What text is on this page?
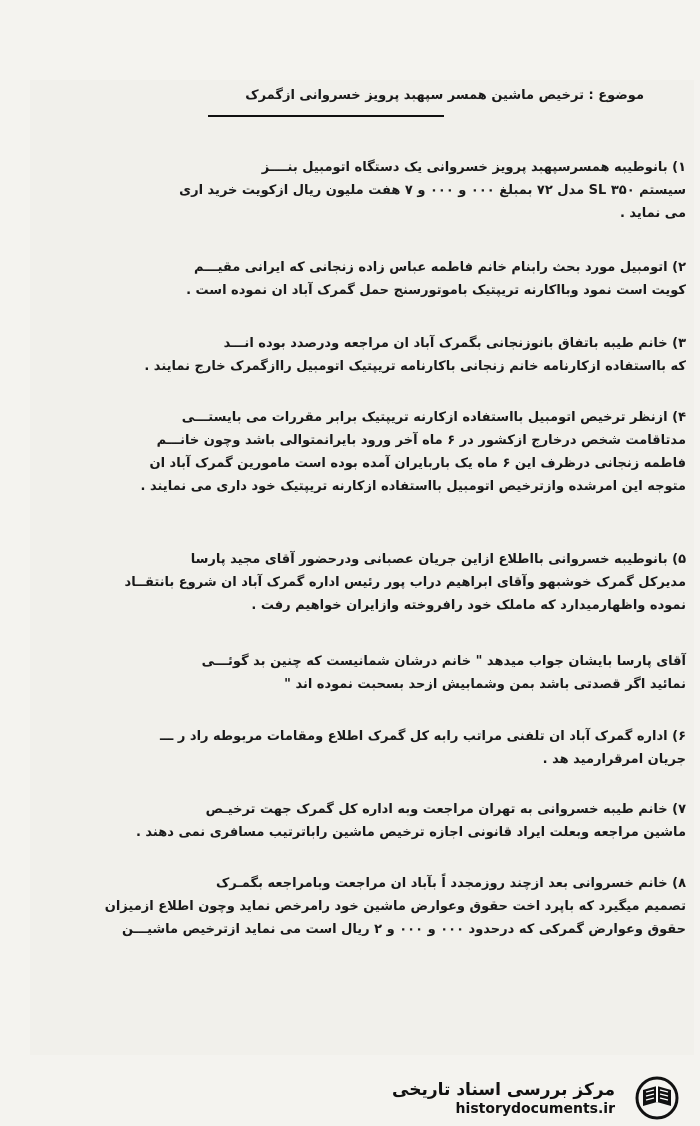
موضوع : ترخیص ماشین همسر سپهبد پرویز خسروانی ازگمرک
۱) بانوطیبه همسرسپهبد پرویز خسروانی یک دستگاه اتومبیل بنــــز
سیستم SL ۳۵۰ مدل ۷۲ بمبلغ ۰۰۰ و ۰۰۰ و ۷ هفت ملیون ریال ازکویت خرید اری
می نماید .
۲) اتومبیل مورد بحث رابنام خانم فاطمه عباس زاده زنجانی که ایرانی مقیـــم
کویت است نمود وبااکارنه تریپتیک باموتورسنج حمل گمرک آباد ان نموده است .
۳) خانم طیبه باتفاق بانوزنجانی بگمرک آباد ان مراجعه ودرصدد بوده انـــد
که بااستفاده ازکارنامه خانم زنجانی باکارنامه تریپتیک اتومبیل راازگمرک خارج نمایند .
۴) ازنظر ترخیص اتومبیل بااستفاده ازکارنه تریپتیک برابر مقررات می بایستـــی
مدتاقامت شخص درخارج ازکشور در ۶ ماه آخر ورود بایرانمتوالی باشد وچون خانـــم
فاطمه زنجانی درظرف این ۶ ماه یک باربایران آمده بوده است مامورین گمرک آباد ان
متوجه این امرشده وازترخیص اتومبیل بااستفاده ازکارنه تریپتیک خود داری می نمایند .
۵) بانوطیبه خسروانی بااطلاع ازاین جریان عصبانی ودرحضور آقای مجید پارسا
مدیرکل گمرک خوشبهو وآقای ابراهیم دراب پور رئیس اداره گمرک آباد ان شروع بانتقــاد
نموده واظهارمیدارد که ماملک خود رافروخته وازایران خواهیم رفت .
آقای پارسا بایشان جواب میدهد " خانم درشان شمانیست که چنین بد گوئـــی
نمائید اگر قصدتی باشد بمن وشمابیش ازحد بسحبت نموده اند "
۶) اداره گمرک آباد ان تلفنی مراتب رابه کل گمرک اطلاع ومقامات مربوطه راد ر ـــ
جریان امرقرارمید هد .
۷) خانم طیبه خسروانی به تهران مراجعت وبه اداره کل گمرک جهت ترخیـص
ماشین مراجعه وبعلت ایراد قانونی اجازه ترخیص ماشین راباترتیب مسافری نمی دهند .
۸) خانم خسروانی بعد ازچند روزمجدد اً بآباد ان مراجعت وبامراجعه بگمـرک
تصمیم میگیرد که باپرد اخت حقوق وعوارض ماشین خود رامرخص نماید وچون اطلاع ازمیزان
حقوق وعوارض گمرکی که درحدود ۰۰۰ و ۰۰۰ و ۲ ریال است می نماید ازترخیص ماشیـــن
مرکز بررسی اسناد تاریخی
historydocuments.ir
